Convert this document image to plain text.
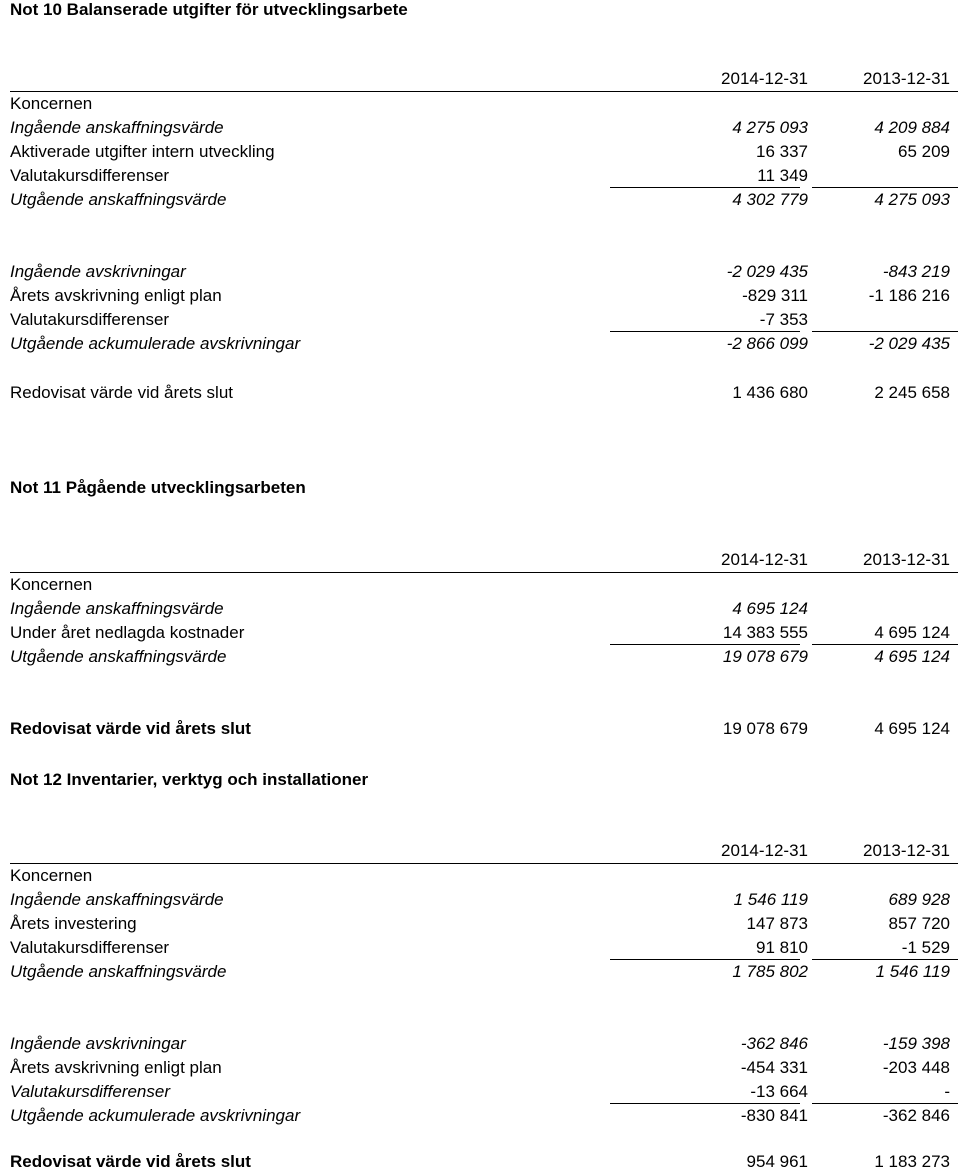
Not 10 Balanserade utgifter för utvecklingsarbete
2014-12-31	2013-12-31
Koncernen
Ingående anskaffningsvärde	4 275 093	4 209 884
Aktiverade utgifter intern utveckling	16 337	65 209
Valutakursdifferenser	11 349
Utgående anskaffningsvärde	4 302 779	4 275 093
Ingående avskrivningar	-2 029 435	-843 219
Årets avskrivning enligt plan	-829 311	-1 186 216
Valutakursdifferenser	-7 353
Utgående ackumulerade avskrivningar	-2 866 099	-2 029 435
Redovisat värde vid årets slut	1 436 680	2 245 658
Not 11 Pågående utvecklingsarbeten
2014-12-31	2013-12-31
Koncernen
Ingående anskaffningsvärde	4 695 124
Under året nedlagda kostnader	14 383 555	4 695 124
Utgående anskaffningsvärde	19 078 679	4 695 124
Redovisat värde vid årets slut	19 078 679	4 695 124
Not 12 Inventarier, verktyg och installationer
2014-12-31	2013-12-31
Koncernen
Ingående anskaffningsvärde	1 546 119	689 928
Årets investering	147 873	857 720
Valutakursdifferenser	91 810	-1 529
Utgående anskaffningsvärde	1 785 802	1 546 119
Ingående avskrivningar	-362 846	-159 398
Årets avskrivning enligt plan	-454 331	-203 448
Valutakursdifferenser	-13 664	-
Utgående ackumulerade avskrivningar	-830 841	-362 846
Redovisat värde vid årets slut	954 961	1 183 273
